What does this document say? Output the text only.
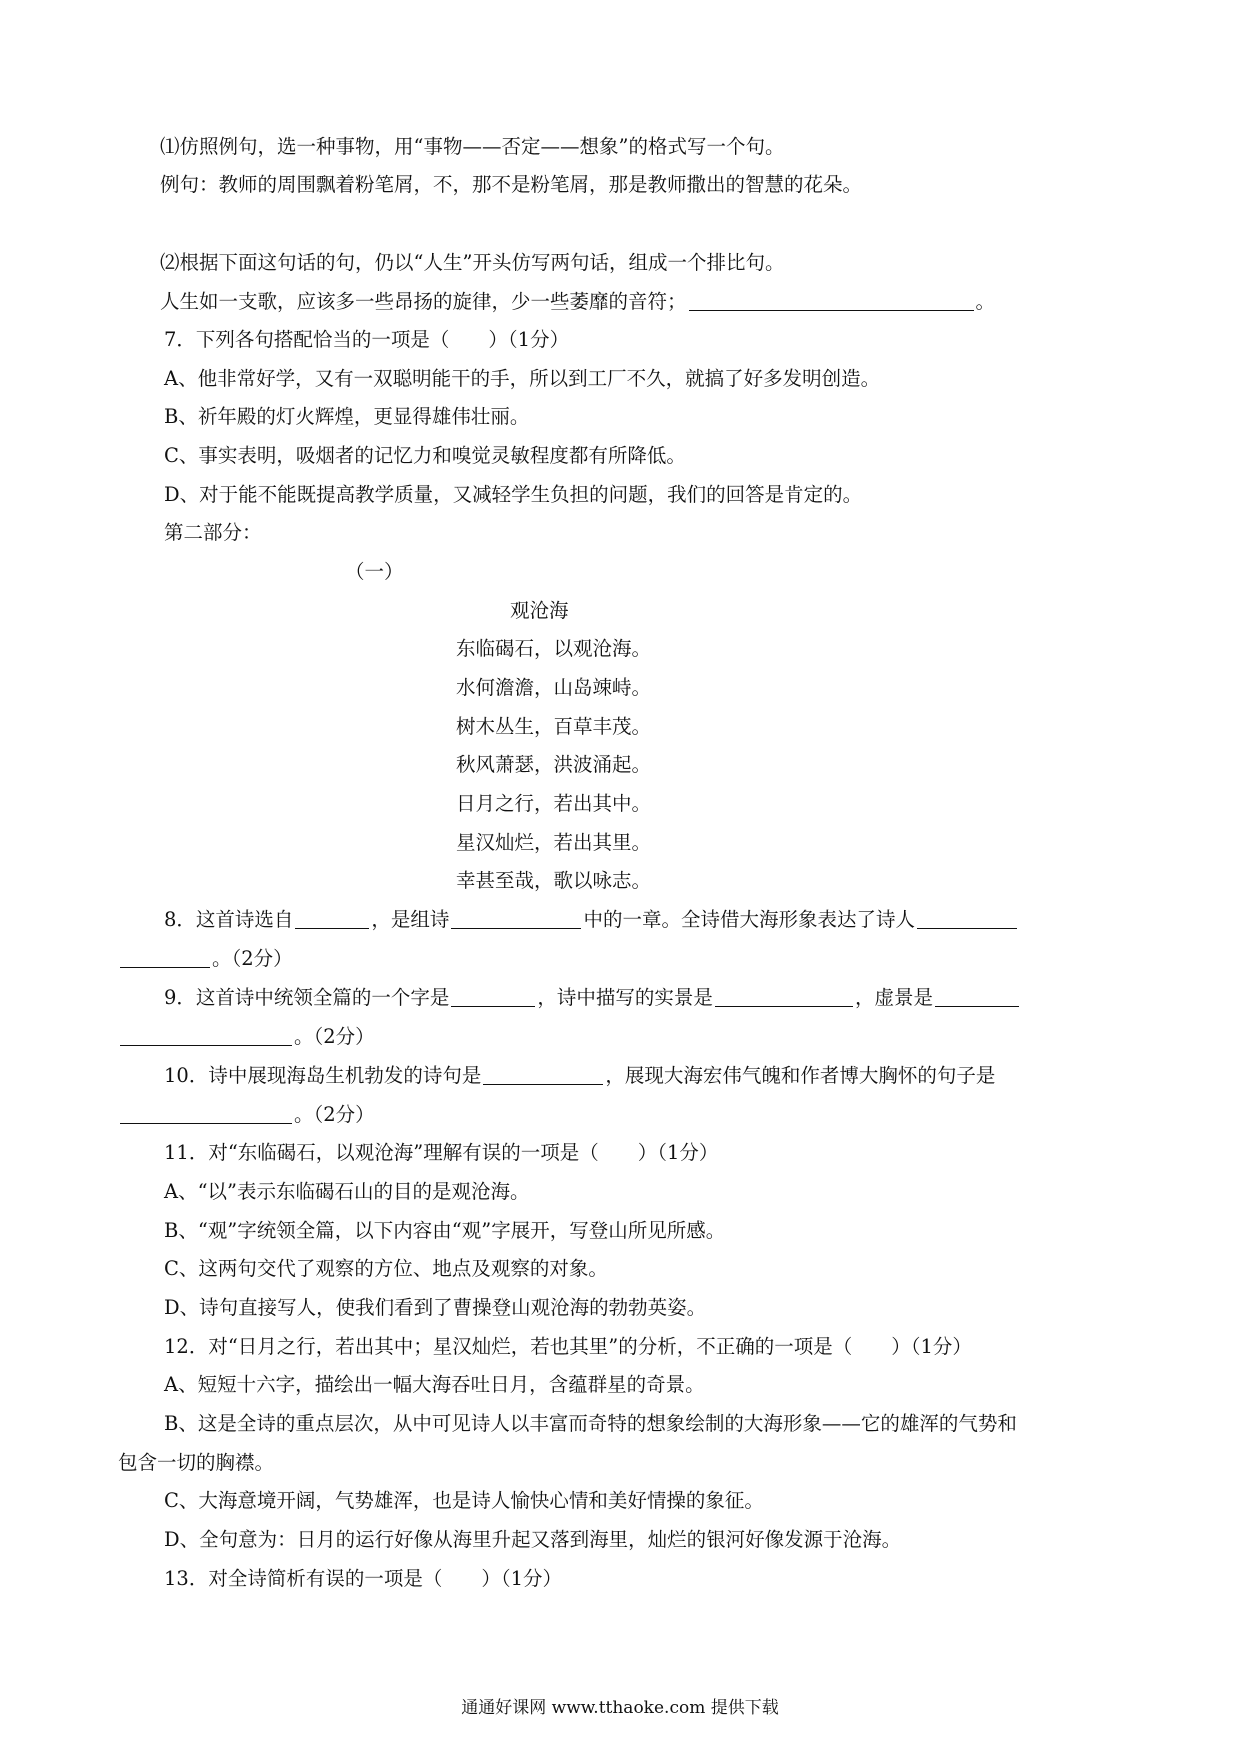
⑴仿照例句，选一种事物，用“事物——否定——想象”的格式写一个句。
例句：教师的周围飘着粉笔屑，不，那不是粉笔屑，那是教师撒出的智慧的花朵。
⑵根据下面这句话的句，仍以“人生”开头仿写两句话，组成一个排比句。
人生如一支歌，应该多一些昂扬的旋律，少一些萎靡的音符；	。
7．下列各句搭配恰当的一项是（　　）（1分）
A、他非常好学，又有一双聪明能干的手，所以到工厂不久，就搞了好多发明创造。
B、祈年殿的灯火辉煌，更显得雄伟壮丽。
C、事实表明，吸烟者的记忆力和嗅觉灵敏程度都有所降低。
D、对于能不能既提高教学质量，又减轻学生负担的问题，我们的回答是肯定的。
第二部分：
（一）
观沧海
东临碣石，以观沧海。
水何澹澹，山岛竦峙。
树木丛生，百草丰茂。
秋风萧瑟，洪波涌起。
日月之行，若出其中。
星汉灿烂，若出其里。
幸甚至哉，歌以咏志。
8．这首诗选自	，是组诗	中的一章。全诗借大海形象表达了诗人
。（2分）
9．这首诗中统领全篇的一个字是	，诗中描写的实景是	，虚景是
。（2分）
10．诗中展现海岛生机勃发的诗句是	，展现大海宏伟气魄和作者博大胸怀的句子是
。（2分）
11．对“东临碣石，以观沧海”理解有误的一项是（　　）（1分）
A、“以”表示东临碣石山的目的是观沧海。
B、“观”字统领全篇，以下内容由“观”字展开，写登山所见所感。
C、这两句交代了观察的方位、地点及观察的对象。
D、诗句直接写人，使我们看到了曹操登山观沧海的勃勃英姿。
12．对“日月之行，若出其中；星汉灿烂，若也其里”的分析，不正确的一项是（　　）（1分）
A、短短十六字，描绘出一幅大海吞吐日月，含蕴群星的奇景。
B、这是全诗的重点层次，从中可见诗人以丰富而奇特的想象绘制的大海形象——它的雄浑的气势和
包含一切的胸襟。
C、大海意境开阔，气势雄浑，也是诗人愉快心情和美好情操的象征。
D、全句意为：日月的运行好像从海里升起又落到海里，灿烂的银河好像发源于沧海。
13．对全诗简析有误的一项是（　　）（1分）
通通好课网 www.tthaoke.com 提供下载
